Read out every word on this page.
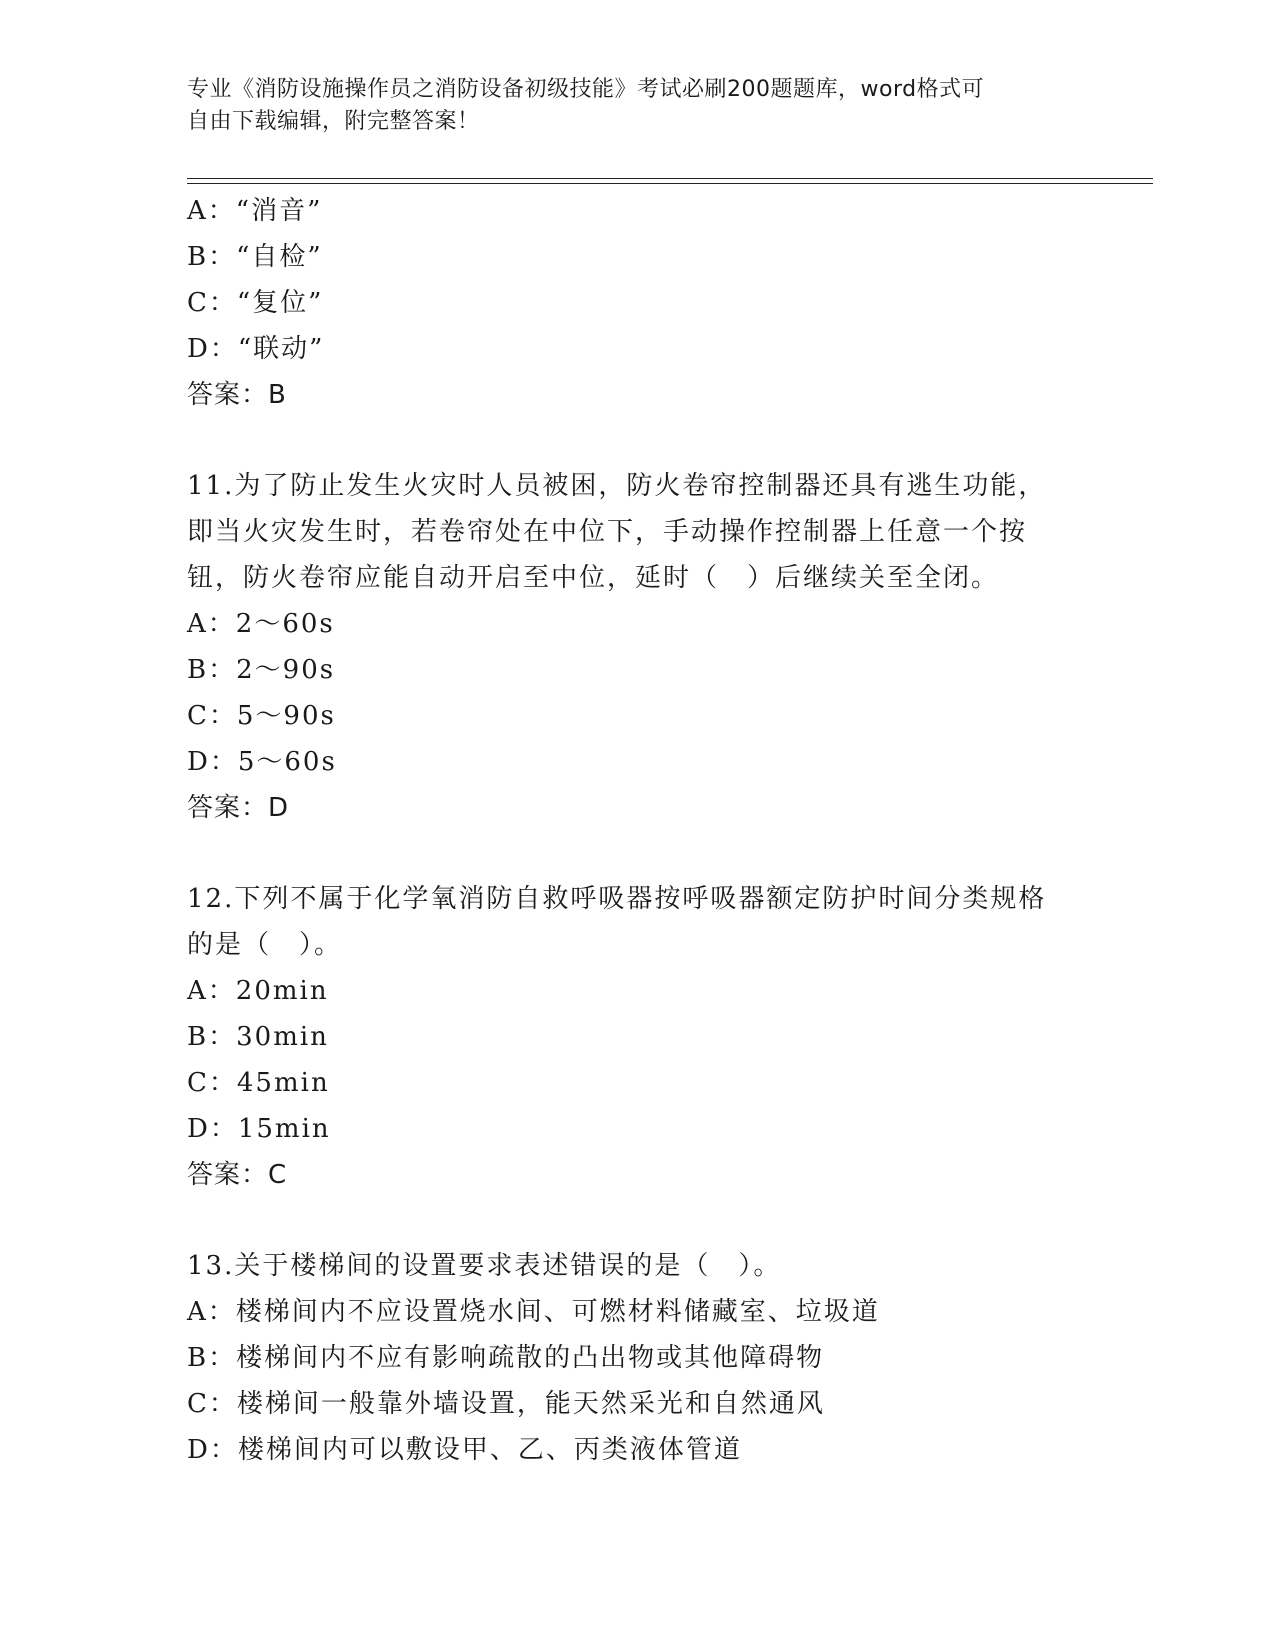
专业《消防设施操作员之消防设备初级技能》考试必刷200题题库，word格式可
自由下载编辑，附完整答案！
A：“消音”
B：“自检”
C：“复位”
D：“联动”
答案：B
11.为了防止发生火灾时人员被困，防火卷帘控制器还具有逃生功能，
即当火灾发生时，若卷帘处在中位下，手动操作控制器上任意一个按
钮，防火卷帘应能自动开启至中位，延时（　）后继续关至全闭。
A：2～60s
B：2～90s
C：5～90s
D：5～60s
答案：D
12.下列不属于化学氧消防自救呼吸器按呼吸器额定防护时间分类规格
的是（　）。
A：20min
B：30min
C：45min
D：15min
答案：C
13.关于楼梯间的设置要求表述错误的是（　）。
A：楼梯间内不应设置烧水间、可燃材料储藏室、垃圾道
B：楼梯间内不应有影响疏散的凸出物或其他障碍物
C：楼梯间一般靠外墙设置，能天然采光和自然通风
D：楼梯间内可以敷设甲、乙、丙类液体管道
